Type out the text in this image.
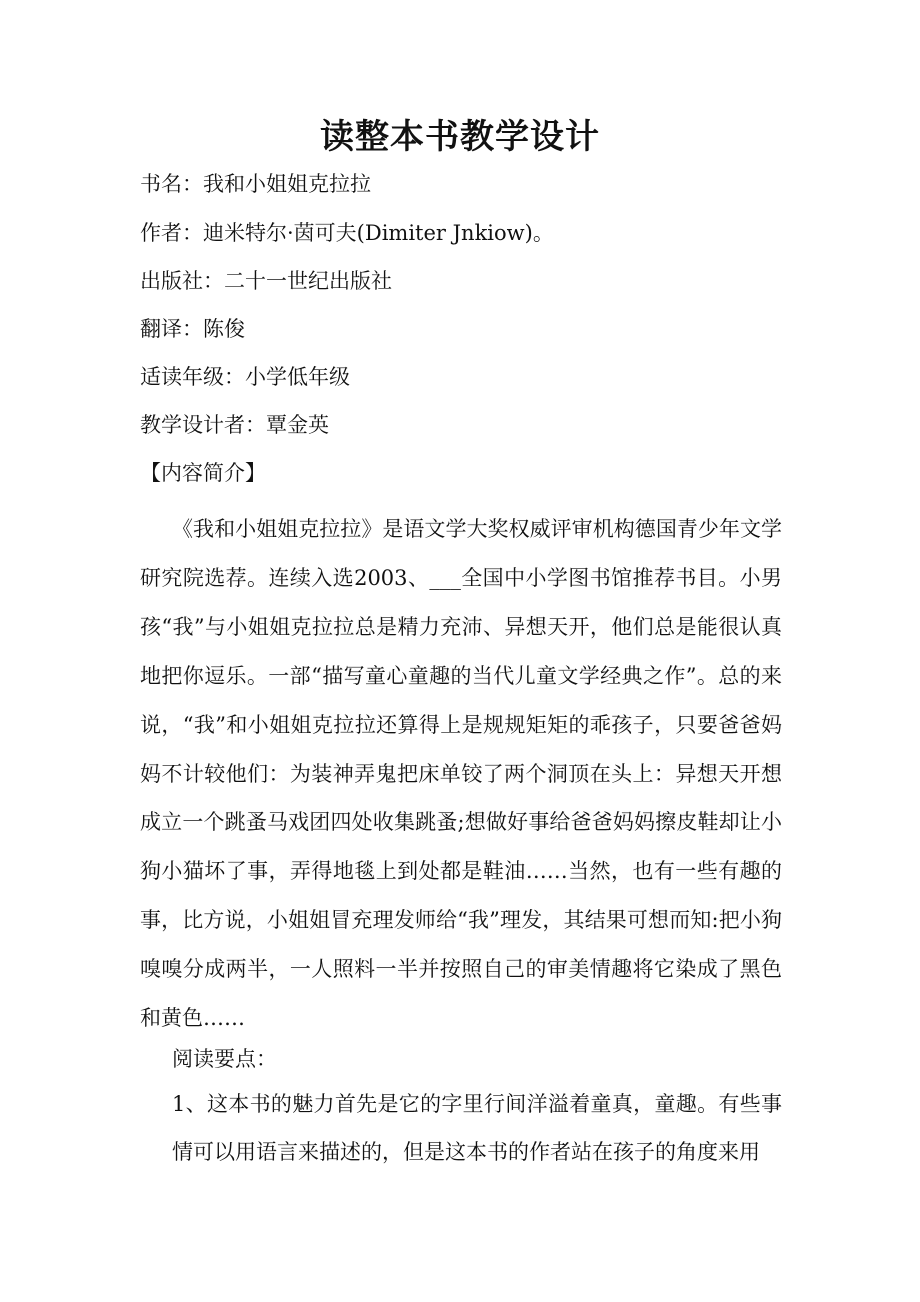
读整本书教学设计
书名：我和小姐姐克拉拉
作者：迪米特尔·茵可夫(Dimiter Jnkiow)。
出版社：二十一世纪出版社
翻译：陈俊
适读年级：小学低年级
教学设计者：覃金英
【内容简介】

《我和小姐姐克拉拉》是语文学大奖权威评审机构德国青少年文学研究院选荐。连续入选2003、___全国中小学图书馆推荐书目。小男孩“我”与小姐姐克拉拉总是精力充沛、异想天开，他们总是能很认真地把你逗乐。一部“描写童心童趣的当代儿童文学经典之作”。总的来说，“我”和小姐姐克拉拉还算得上是规规矩矩的乖孩子，只要爸爸妈妈不计较他们：为装神弄鬼把床单铰了两个洞顶在头上：异想天开想成立一个跳蚤马戏团四处收集跳蚤;想做好事给爸爸妈妈擦皮鞋却让小狗小猫坏了事，弄得地毯上到处都是鞋油……当然，也有一些有趣的事，比方说，小姐姐冒充理发师给“我”理发，其结果可想而知:把小狗嗅嗅分成两半，一人照料一半并按照自己的审美情趣将它染成了黑色和黄色……

阅读要点：

1、这本书的魅力首先是它的字里行间洋溢着童真，童趣。有些事情可以用语言来描述的，但是这本书的作者站在孩子的角度来用
